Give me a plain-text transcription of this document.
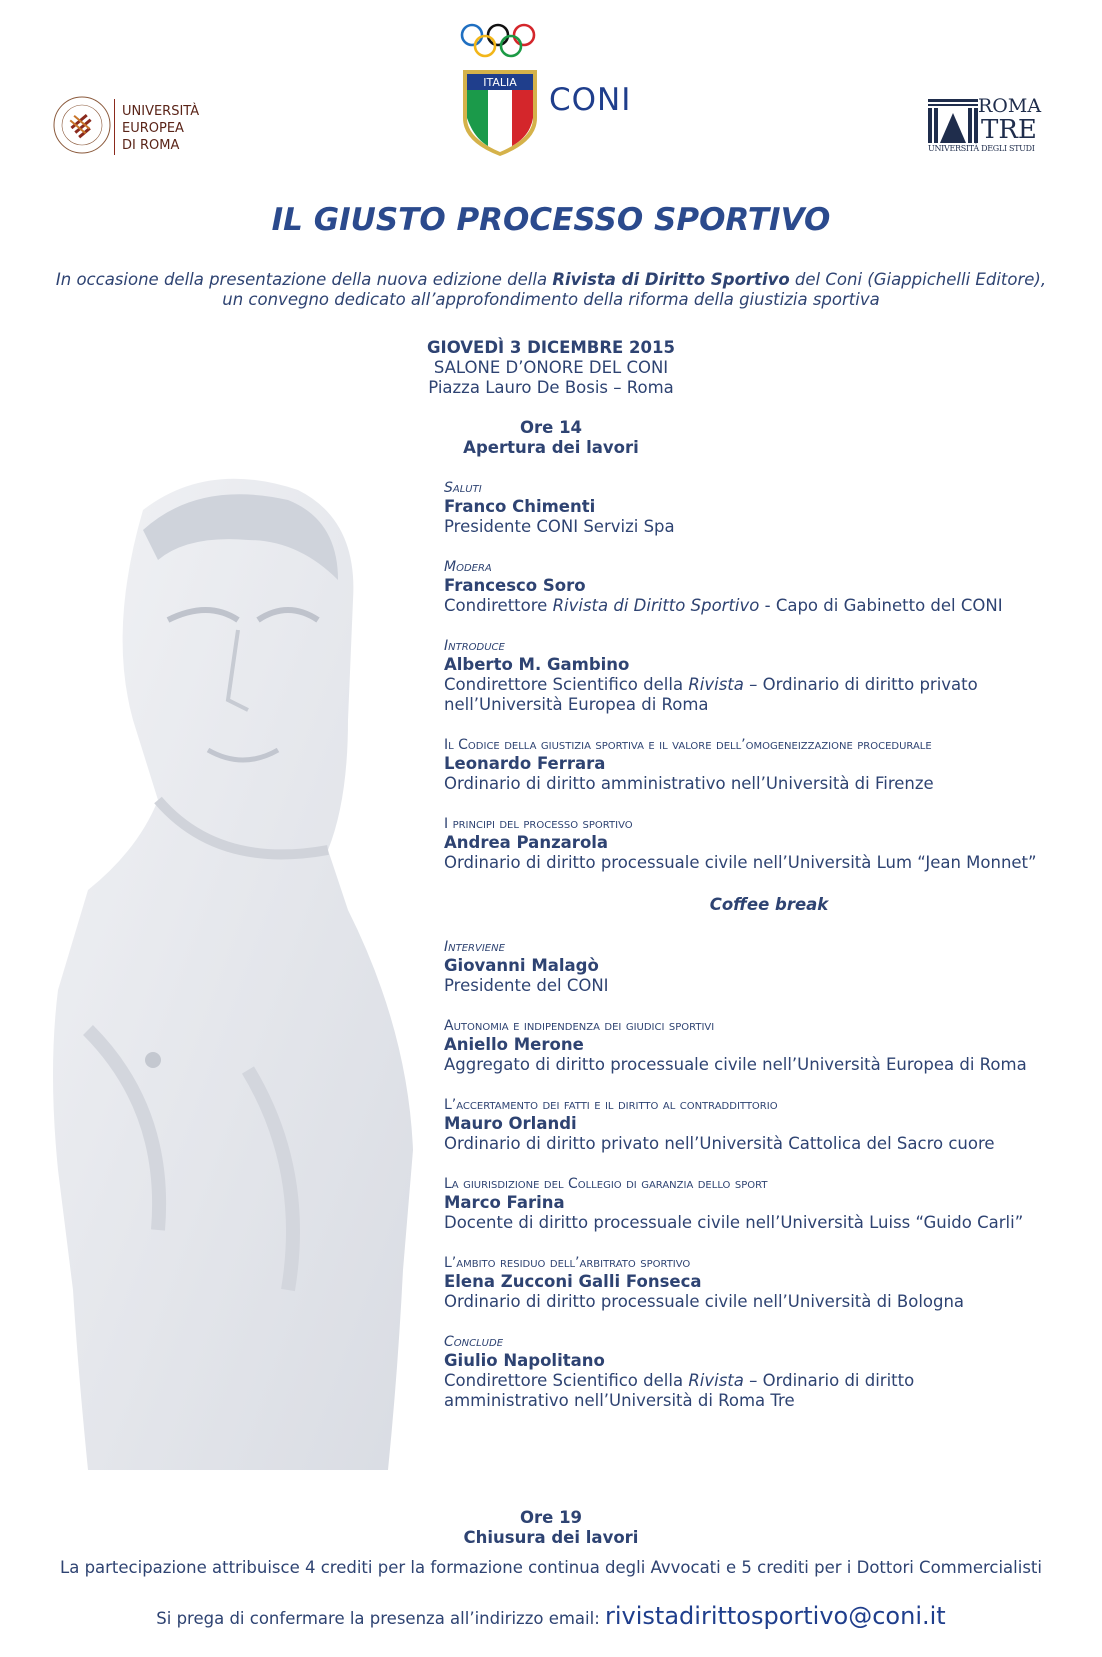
UNIVERSITÀ
EUROPEA
DI ROMA
ITALIA CONI	ROMA
TRE
UNIVERSITÀ DEGLI STUDI
IL GIUSTO PROCESSO SPORTIVO
In occasione della presentazione della nuova edizione della Rivista di Diritto Sportivo del Coni (Giappichelli Editore),
un convegno dedicato all’approfondimento della riforma della giustizia sportiva
GIOVEDÌ 3 DICEMBRE 2015
SALONE D’ONORE DEL CONI
Piazza Lauro De Bosis – Roma
Ore 14
Apertura dei lavori
Saluti
Franco Chimenti
Presidente CONI Servizi Spa
Modera
Francesco Soro
Condirettore Rivista di Diritto Sportivo - Capo di Gabinetto del CONI
Introduce
Alberto M. Gambino
Condirettore Scientifico della Rivista – Ordinario di diritto privato
nell’Università Europea di Roma
Il Codice della giustizia sportiva e il valore dell’omogeneizzazione procedurale
Leonardo Ferrara
Ordinario di diritto amministrativo nell’Università di Firenze
I principi del processo sportivo
Andrea Panzarola
Ordinario di diritto processuale civile nell’Università Lum “Jean Monnet”
Coffee break
Interviene
Giovanni Malagò
Presidente del CONI
Autonomia e indipendenza dei giudici sportivi
Aniello Merone
Aggregato di diritto processuale civile nell’Università Europea di Roma
L’accertamento dei fatti e il diritto al contraddittorio
Mauro Orlandi
Ordinario di diritto privato nell’Università Cattolica del Sacro cuore
La giurisdizione del Collegio di garanzia dello sport
Marco Farina
Docente di diritto processuale civile nell’Università Luiss “Guido Carli”
L’ambito residuo dell’arbitrato sportivo
Elena Zucconi Galli Fonseca
Ordinario di diritto processuale civile nell’Università di Bologna
Conclude
Giulio Napolitano
Condirettore Scientifico della Rivista – Ordinario di diritto
amministrativo nell’Università di Roma Tre
Ore 19
Chiusura dei lavori
La partecipazione attribuisce 4 crediti per la formazione continua degli Avvocati e 5 crediti per i Dottori Commercialisti
Si prega di confermare la presenza all’indirizzo email: rivistadirittosportivo@coni.it
